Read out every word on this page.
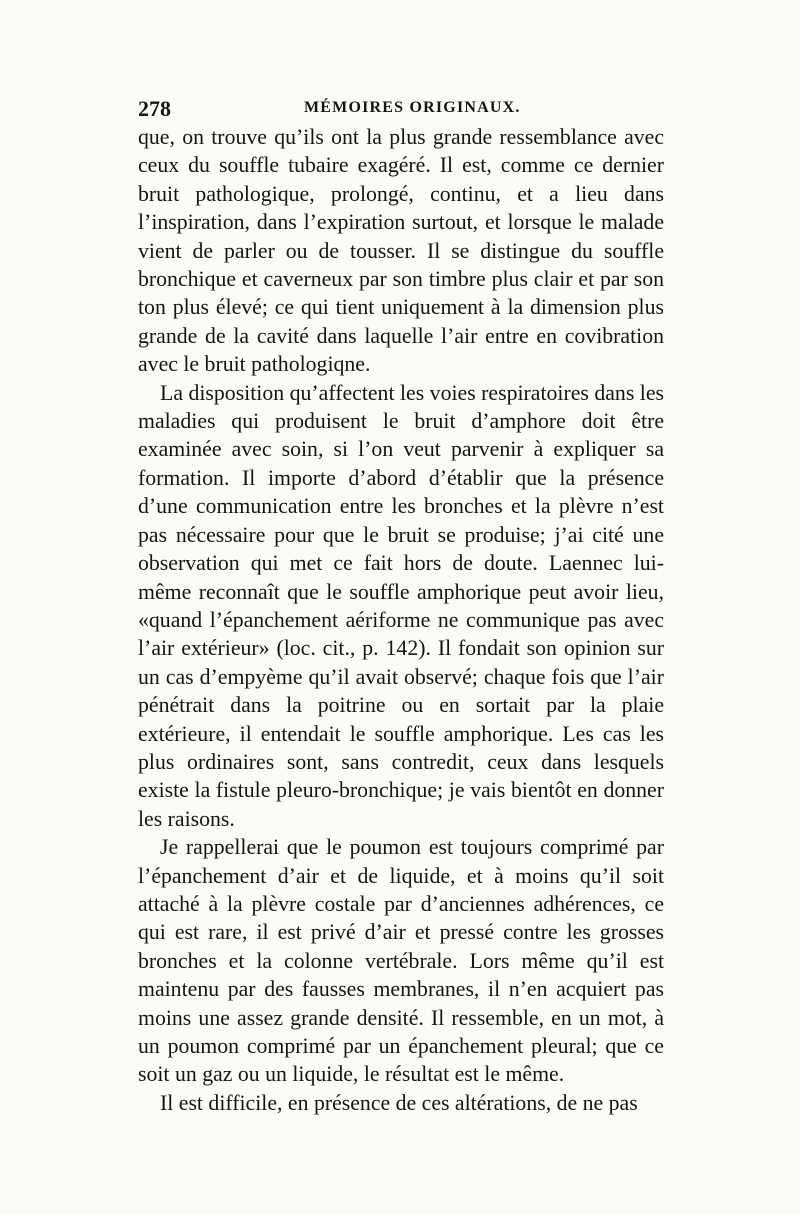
278	MÉMOIRES ORIGINAUX.

que, on trouve qu’ils ont la plus grande ressemblance avec ceux du souffle tubaire exagéré. Il est, comme ce dernier bruit pathologique, prolongé, continu, et a lieu dans l’inspiration, dans l’expiration surtout, et lorsque le malade vient de parler ou de tousser. Il se distingue du souffle bronchique et caverneux par son timbre plus clair et par son ton plus élevé; ce qui tient uniquement à la dimension plus grande de la cavité dans laquelle l’air entre en covibration avec le bruit pathologiqne.

La disposition qu’affectent les voies respiratoires dans les maladies qui produisent le bruit d’amphore doit être examinée avec soin, si l’on veut parvenir à expliquer sa formation. Il importe d’abord d’établir que la présence d’une communication entre les bronches et la plèvre n’est pas nécessaire pour que le bruit se produise; j’ai cité une observation qui met ce fait hors de doute. Laennec lui-même reconnaît que le souffle amphorique peut avoir lieu, «quand l’épanchement aériforme ne communique pas avec l’air extérieur» (loc. cit., p. 142). Il fondait son opinion sur un cas d’empyème qu’il avait observé; chaque fois que l’air pénétrait dans la poitrine ou en sortait par la plaie extérieure, il entendait le souffle amphorique. Les cas les plus ordinaires sont, sans contredit, ceux dans lesquels existe la fistule pleuro-bronchique; je vais bientôt en donner les raisons.

Je rappellerai que le poumon est toujours comprimé par l’épanchement d’air et de liquide, et à moins qu’il soit attaché à la plèvre costale par d’anciennes adhérences, ce qui est rare, il est privé d’air et pressé contre les grosses bronches et la colonne vertébrale. Lors même qu’il est maintenu par des fausses membranes, il n’en acquiert pas moins une assez grande densité. Il ressemble, en un mot, à un poumon comprimé par un épanchement pleural; que ce soit un gaz ou un liquide, le résultat est le même.

Il est difficile, en présence de ces altérations, de ne pas
